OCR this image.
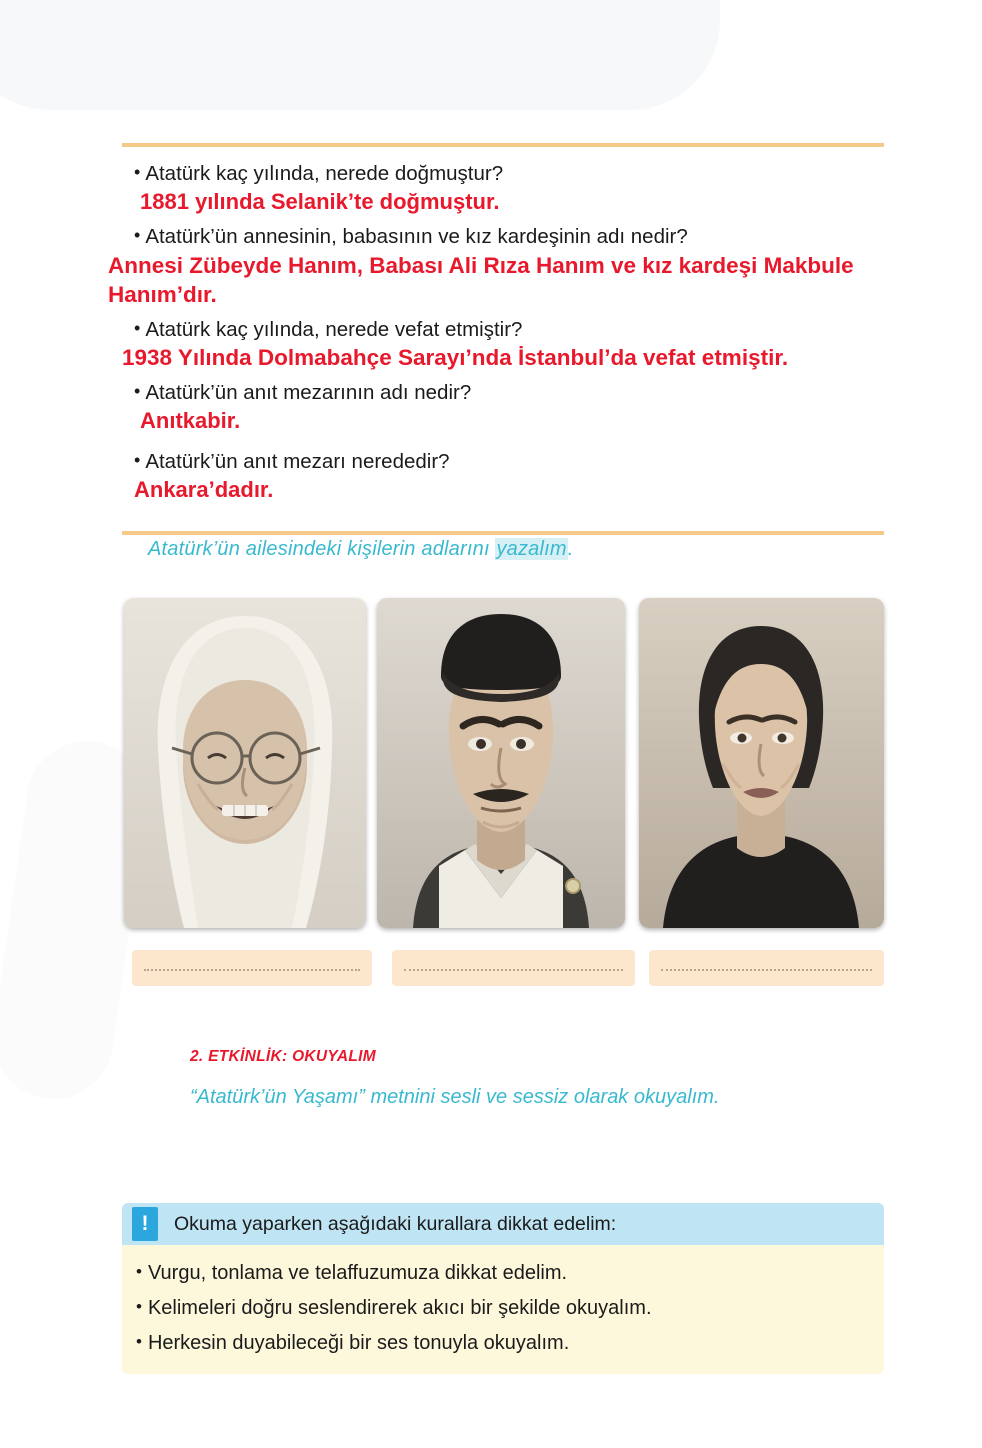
• Atatürk kaç yılında, nerede doğmuştur?

1881 yılında Selanik’te doğmuştur.

• Atatürk’ün annesinin, babasının ve kız kardeşinin adı nedir?

Annesi Zübeyde Hanım, Babası Ali Rıza Hanım ve kız kardeşi Makbule Hanım’dır.

• Atatürk kaç yılında, nerede vefat etmiştir?

1938 Yılında Dolmabahçe Sarayı’nda İstanbul’da vefat etmiştir.

• Atatürk’ün anıt mezarının adı nedir?

Anıtkabir.

• Atatürk’ün anıt mezarı nerededir?

Ankara’dadır.

Atatürk’ün ailesindeki kişilerin adlarını yazalım.
2. ETKİNLİK: OKUYALIM
“Atatürk’ün Yaşamı” metnini sesli ve sessiz olarak okuyalım.
!	Okuma yaparken aşağıdaki kurallara dikkat edelim:

• Vurgu, tonlama ve telaffuzumuza dikkat edelim.

• Kelimeleri doğru seslendirerek akıcı bir şekilde okuyalım.

• Herkesin duyabileceği bir ses tonuyla okuyalım.
